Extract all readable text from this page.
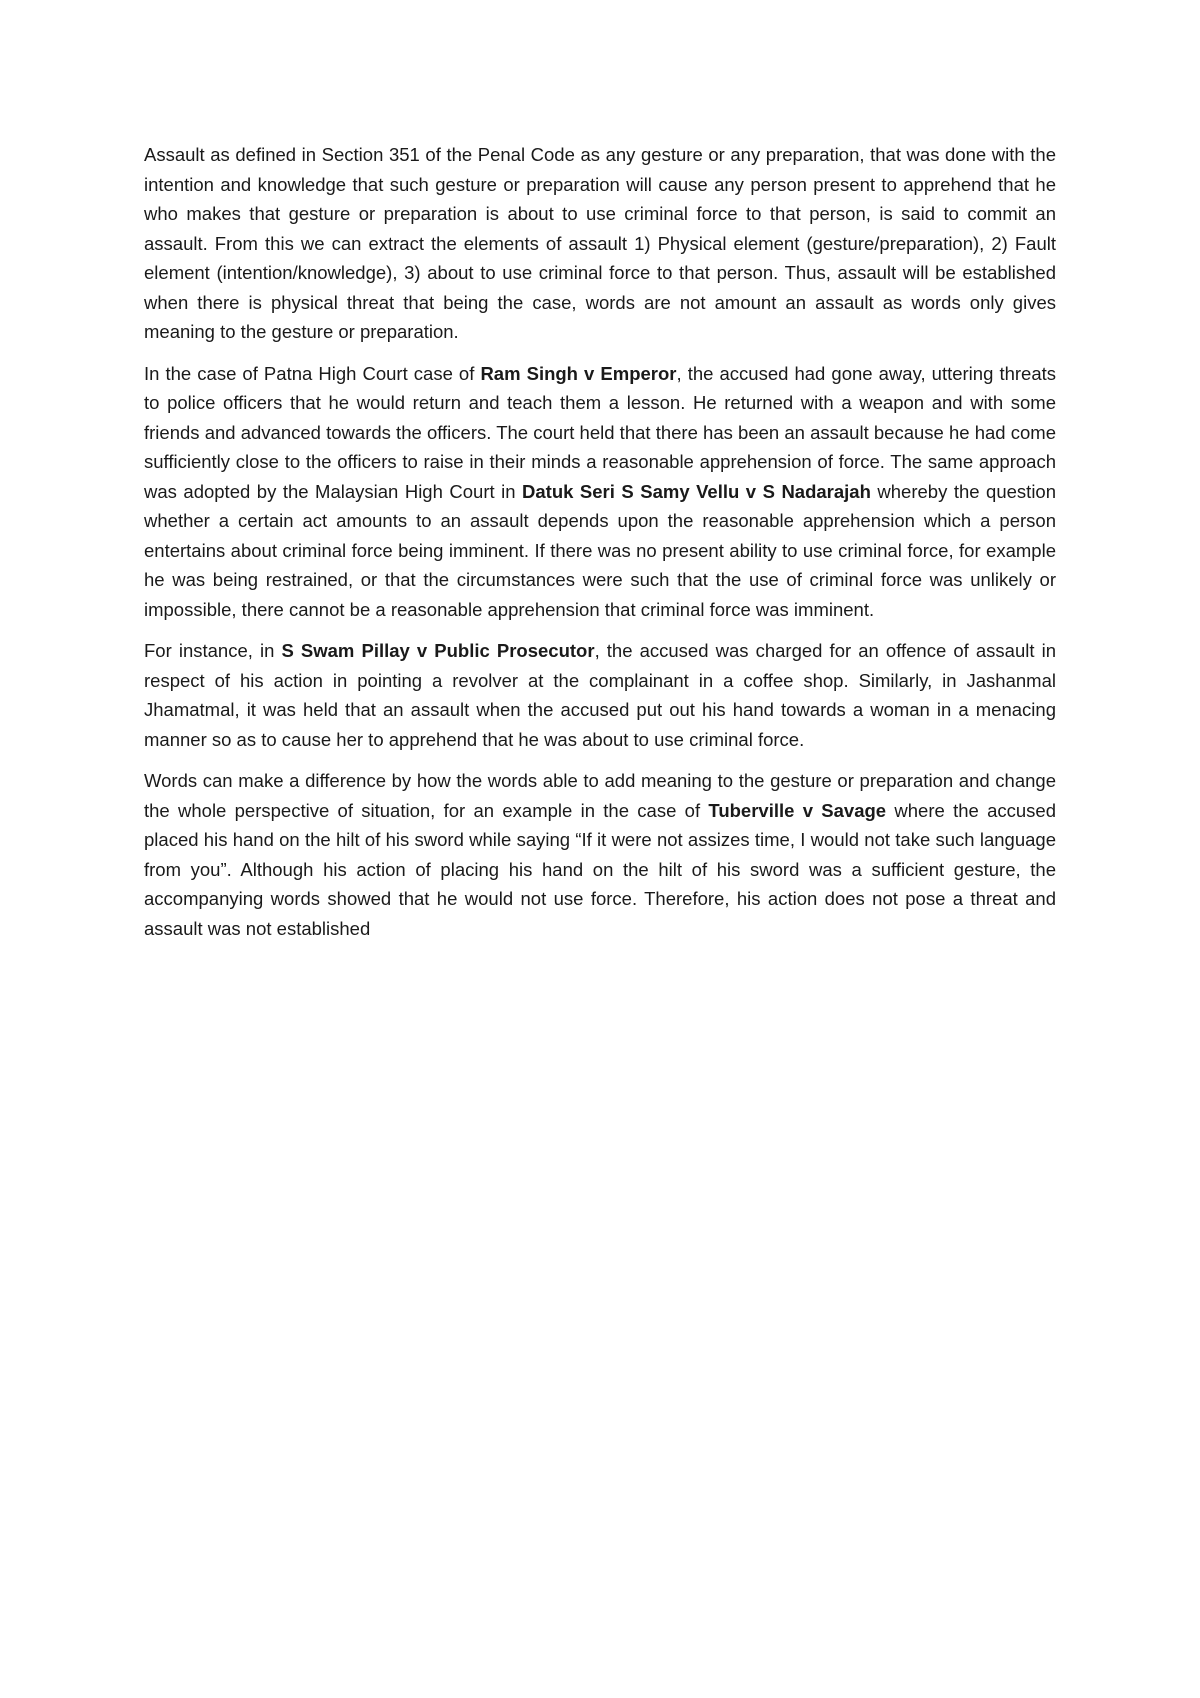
Assault as defined in Section 351 of the Penal Code as any gesture or any preparation, that was done with the intention and knowledge that such gesture or preparation will cause any person present to apprehend that he who makes that gesture or preparation is about to use criminal force to that person, is said to commit an assault. From this we can extract the elements of assault 1) Physical element (gesture/preparation), 2) Fault element (intention/knowledge), 3) about to use criminal force to that person. Thus, assault will be established when there is physical threat that being the case, words are not amount an assault as words only gives meaning to the gesture or preparation.

In the case of Patna High Court case of Ram Singh v Emperor, the accused had gone away, uttering threats to police officers that he would return and teach them a lesson. He returned with a weapon and with some friends and advanced towards the officers. The court held that there has been an assault because he had come sufficiently close to the officers to raise in their minds a reasonable apprehension of force. The same approach was adopted by the Malaysian High Court in Datuk Seri S Samy Vellu v S Nadarajah whereby the question whether a certain act amounts to an assault depends upon the reasonable apprehension which a person entertains about criminal force being imminent. If there was no present ability to use criminal force, for example he was being restrained, or that the circumstances were such that the use of criminal force was unlikely or impossible, there cannot be a reasonable apprehension that criminal force was imminent.

For instance, in S Swam Pillay v Public Prosecutor, the accused was charged for an offence of assault in respect of his action in pointing a revolver at the complainant in a coffee shop. Similarly, in Jashanmal Jhamatmal, it was held that an assault when the accused put out his hand towards a woman in a menacing manner so as to cause her to apprehend that he was about to use criminal force.

Words can make a difference by how the words able to add meaning to the gesture or preparation and change the whole perspective of situation, for an example in the case of Tuberville v Savage where the accused placed his hand on the hilt of his sword while saying “If it were not assizes time, I would not take such language from you”. Although his action of placing his hand on the hilt of his sword was a sufficient gesture, the accompanying words showed that he would not use force. Therefore, his action does not pose a threat and assault was not established
